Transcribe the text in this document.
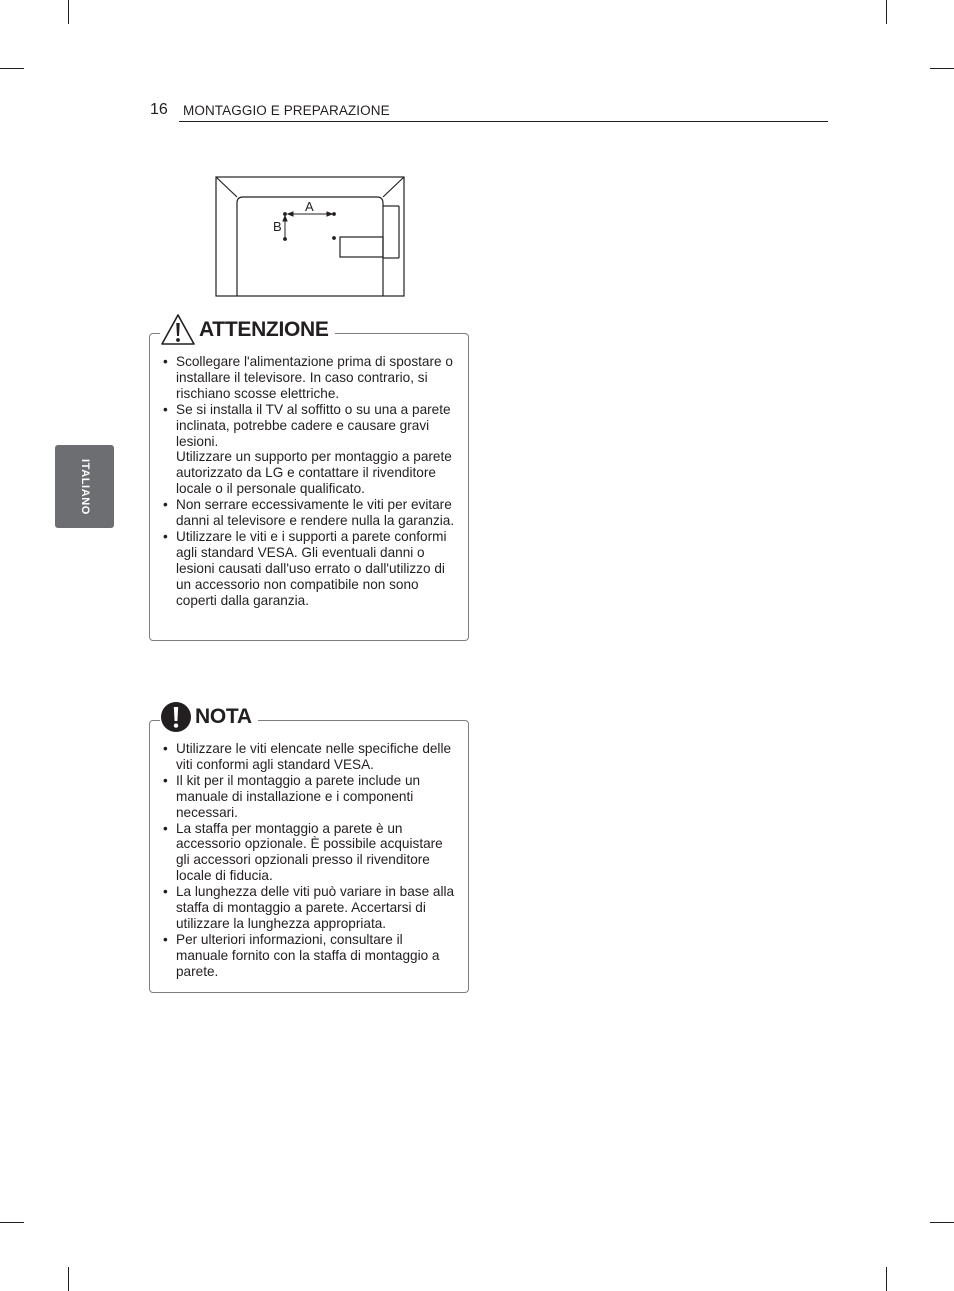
16 MONTAGGIO E PREPARAZIONE
ITALIANO
A
B
ATTENZIONE
• Scollegare l'alimentazione prima di spostare o installare il televisore. In caso contrario, si rischiano scosse elettriche.
• Se si installa il TV al soffitto o su una a parete inclinata, potrebbe cadere e causare gravi lesioni.
Utilizzare un supporto per montaggio a parete autorizzato da LG e contattare il rivenditore locale o il personale qualificato.
• Non serrare eccessivamente le viti per evitare danni al televisore e rendere nulla la garanzia.
• Utilizzare le viti e i supporti a parete conformi agli standard VESA. Gli eventuali danni o lesioni causati dall'uso errato o dall'utilizzo di un accessorio non compatibile non sono coperti dalla garanzia.
NOTA
• Utilizzare le viti elencate nelle specifiche delle viti conformi agli standard VESA.
• Il kit per il montaggio a parete include un manuale di installazione e i componenti necessari.
• La staffa per montaggio a parete è un accessorio opzionale. È possibile acquistare gli accessori opzionali presso il rivenditore locale di fiducia.
• La lunghezza delle viti può variare in base alla staffa di montaggio a parete. Accertarsi di utilizzare la lunghezza appropriata.
• Per ulteriori informazioni, consultare il manuale fornito con la staffa di montaggio a parete.
